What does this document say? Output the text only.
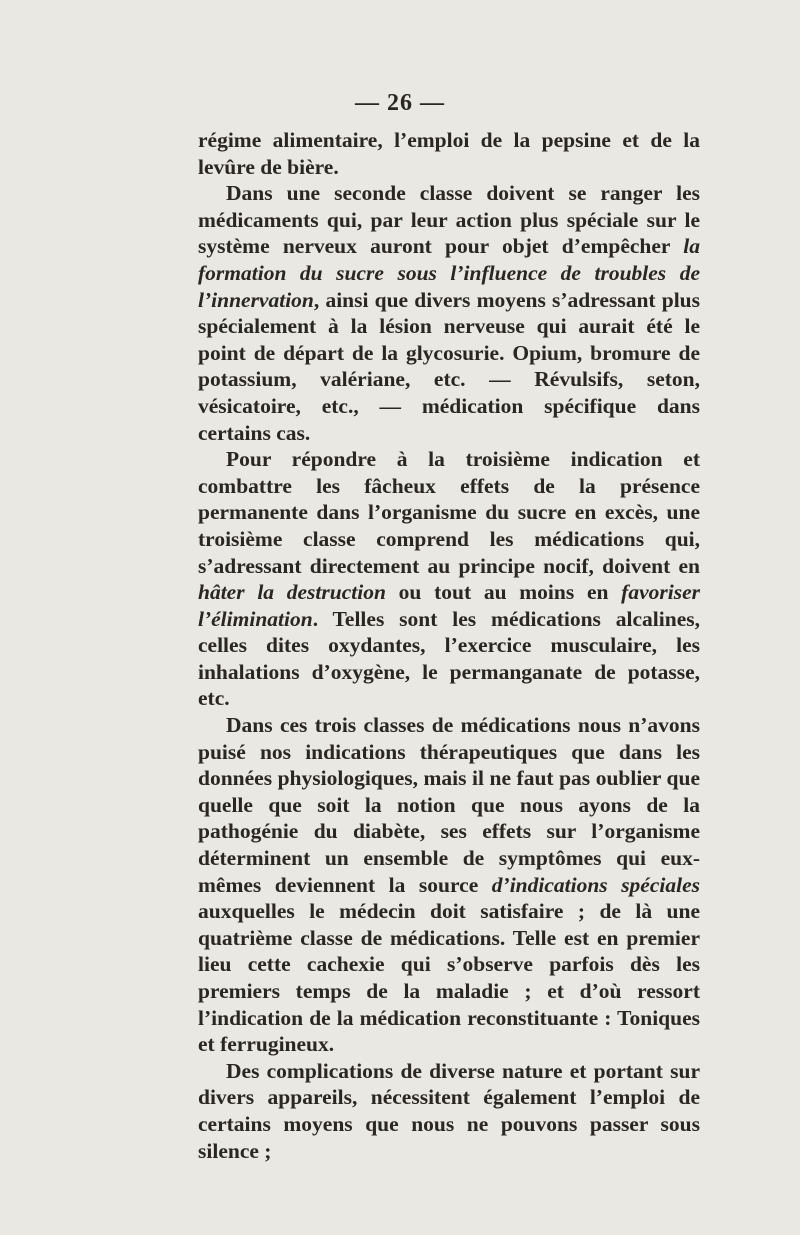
— 26 —

régime alimentaire, l’emploi de la pepsine et de la levûre de bière.

Dans une seconde classe doivent se ranger les médicaments qui, par leur action plus spéciale sur le système nerveux auront pour objet d’empêcher la formation du sucre sous l’influence de troubles de l’innervation, ainsi que divers moyens s’adressant plus spécialement à la lésion nerveuse qui aurait été le point de départ de la glycosurie. Opium, bromure de potassium, valériane, etc. — Révulsifs, seton, vésicatoire, etc., — médication spécifique dans certains cas.

Pour répondre à la troisième indication et combattre les fâcheux effets de la présence permanente dans l’organisme du sucre en excès, une troisième classe comprend les médications qui, s’adressant directement au principe nocif, doivent en hâter la destruction ou tout au moins en favoriser l’élimination. Telles sont les médications alcalines, celles dites oxydantes, l’exercice musculaire, les inhalations d’oxygène, le permanganate de potasse, etc.

Dans ces trois classes de médications nous n’avons puisé nos indications thérapeutiques que dans les données physiologiques, mais il ne faut pas oublier que quelle que soit la notion que nous ayons de la pathogénie du diabète, ses effets sur l’organisme déterminent un ensemble de symptômes qui eux-mêmes deviennent la source d’indications spéciales auxquelles le médecin doit satisfaire ; de là une quatrième classe de médications. Telle est en premier lieu cette cachexie qui s’observe parfois dès les premiers temps de la maladie ; et d’où ressort l’indication de la médication reconstituante : Toniques et ferrugineux.

Des complications de diverse nature et portant sur divers appareils, nécessitent également l’emploi de certains moyens que nous ne pouvons passer sous silence ;
